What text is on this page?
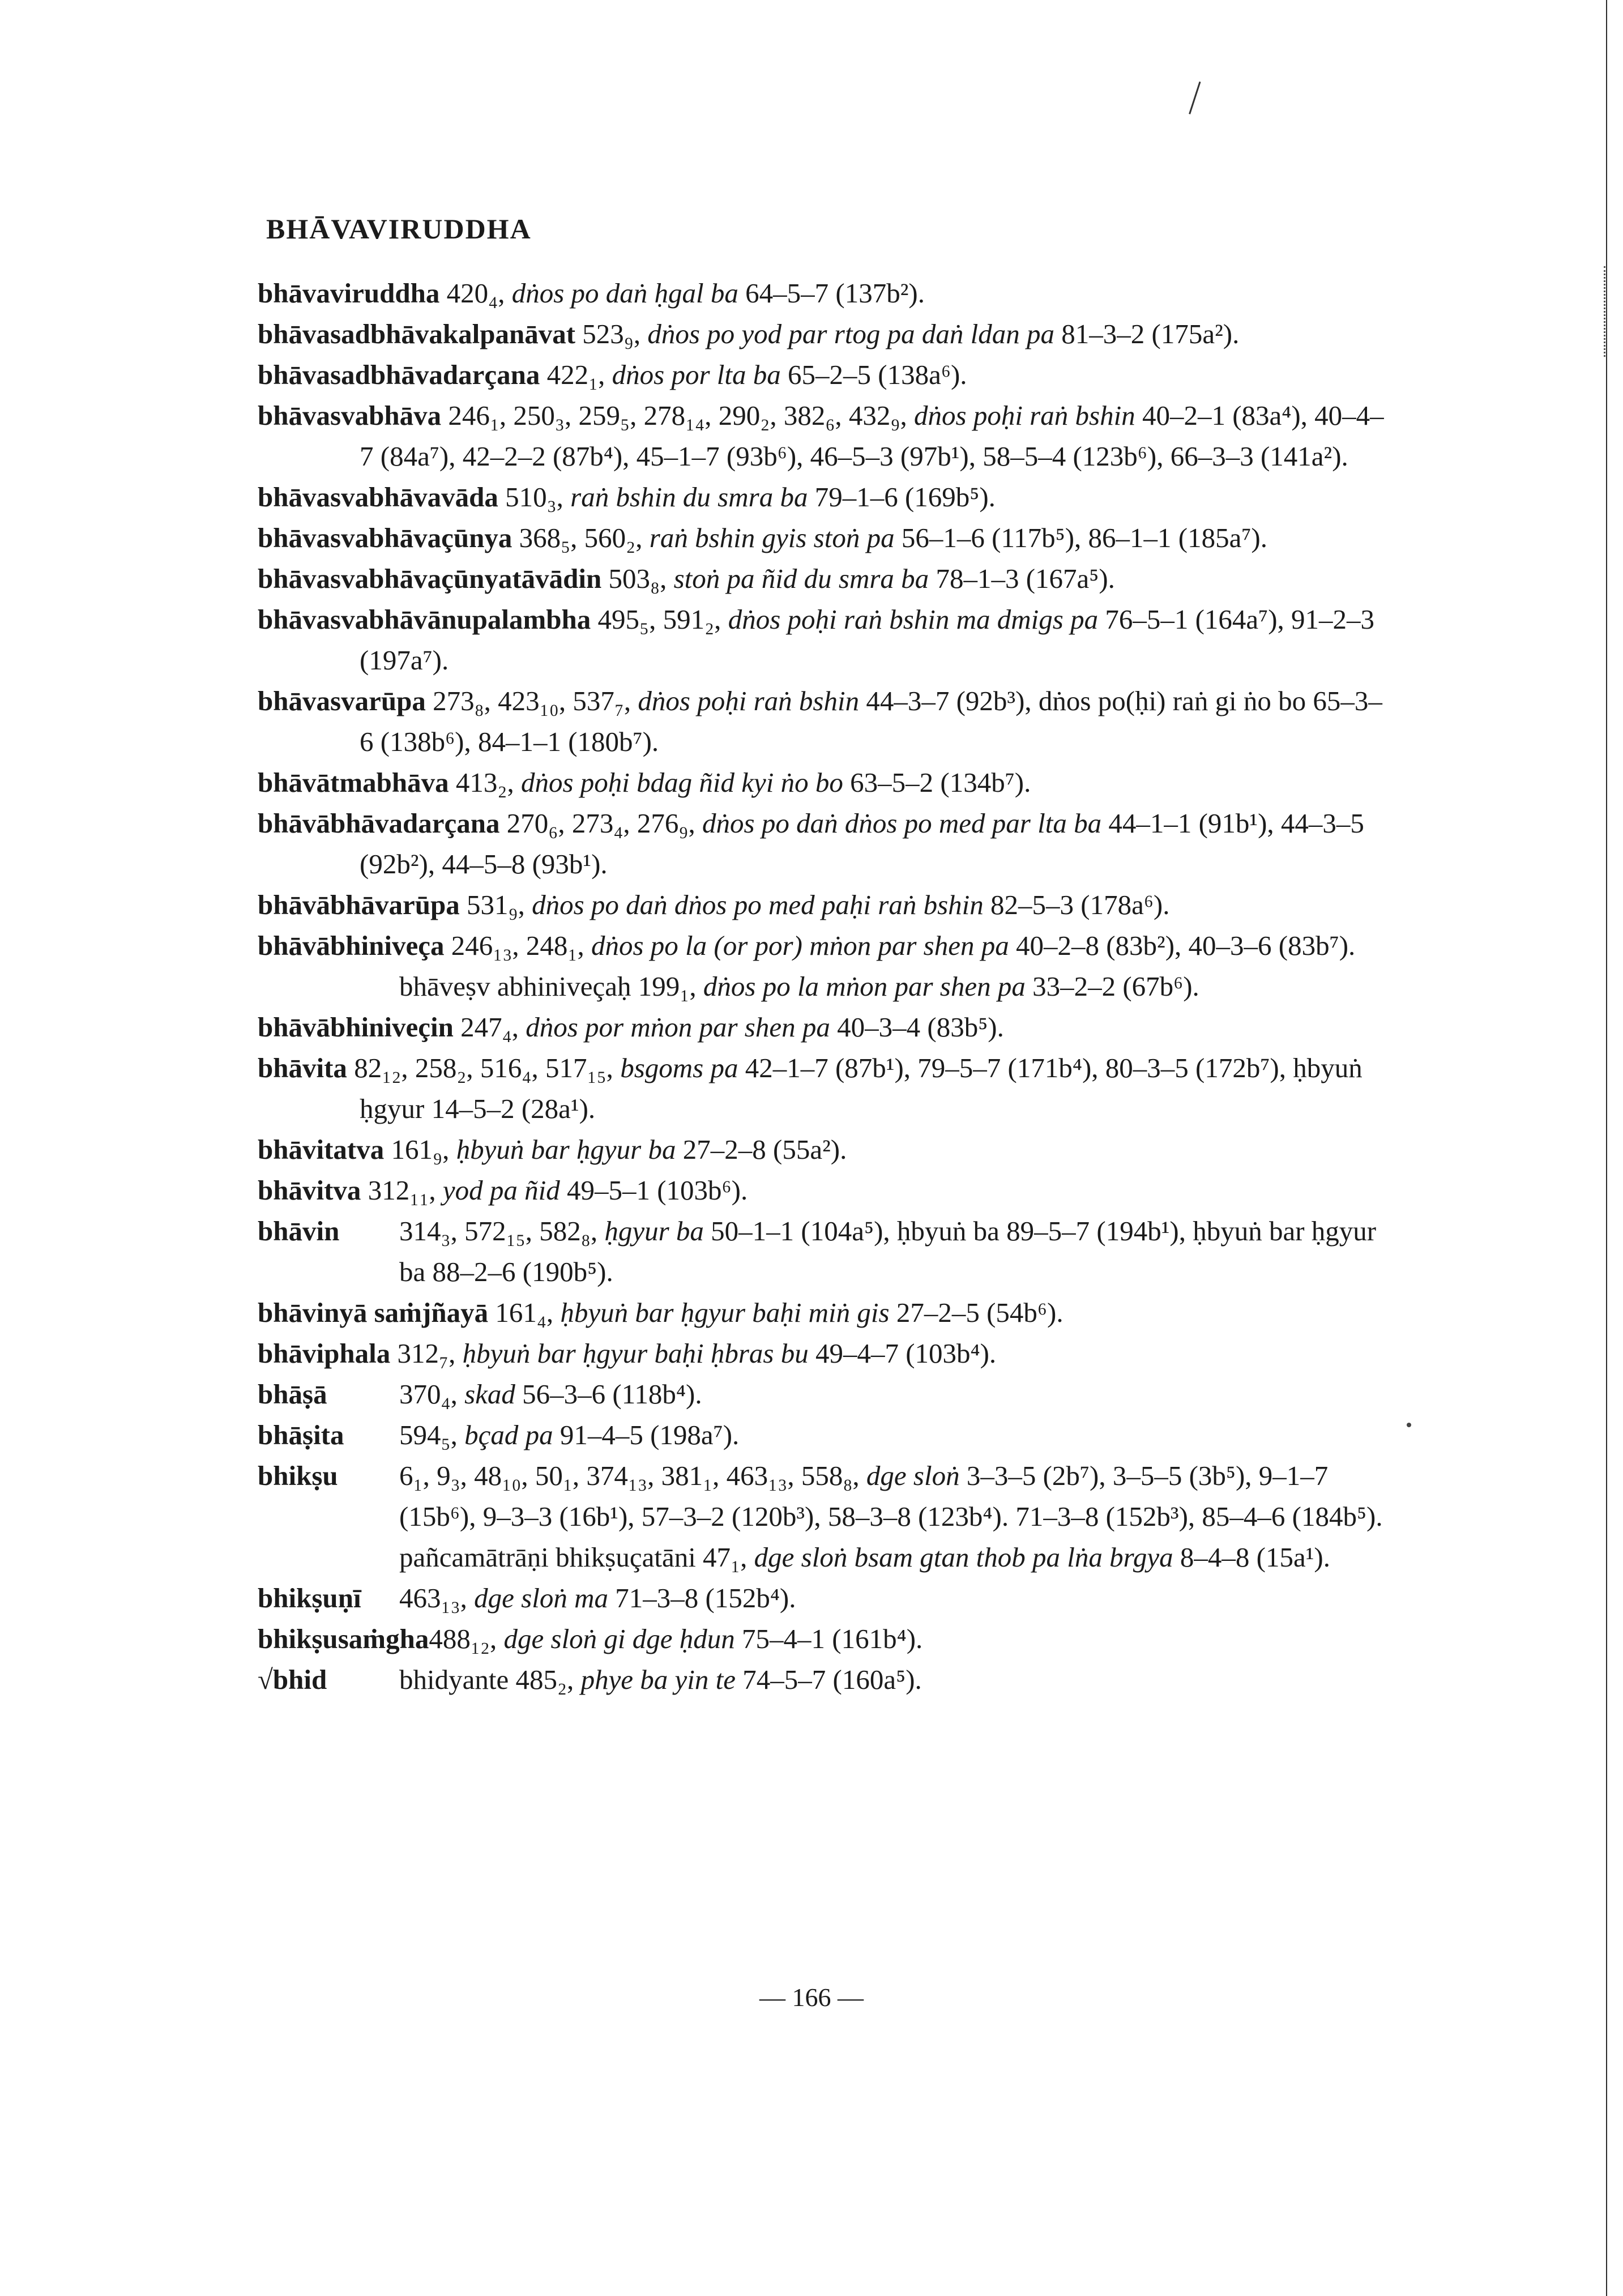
BHĀVAVIRUDDHA

bhāvaviruddha 420₄, dṅos po daṅ ḥgal ba 64–5–7 (137b²).

bhāvasadbhāvakalpanāvat 523₉, dṅos po yod par rtog pa daṅ ldan pa 81–3–2 (175a²).

bhāvasadbhāvadarçana 422₁, dṅos por lta ba 65–2–5 (138a⁶).

bhāvasvabhāva 246₁, 250₃, 259₅, 278₁₄, 290₂, 382₆, 432₉, dṅos poḥi raṅ bshin 40–2–1 (83a⁴), 40–4–7 (84a⁷), 42–2–2 (87b⁴), 45–1–7 (93b⁶), 46–5–3 (97b¹), 58–5–4 (123b⁶), 66–3–3 (141a²).

bhāvasvabhāvavāda 510₃, raṅ bshin du smra ba 79–1–6 (169b⁵).

bhāvasvabhāvaçūnya 368₅, 560₂, raṅ bshin gyis stoṅ pa 56–1–6 (117b⁵), 86–1–1 (185a⁷).

bhāvasvabhāvaçūnyatāvādin 503₈, stoṅ pa ñid du smra ba 78–1–3 (167a⁵).

bhāvasvabhāvānupalambha 495₅, 591₂, dṅos poḥi raṅ bshin ma dmigs pa 76–5–1 (164a⁷), 91–2–3 (197a⁷).

bhāvasvarūpa 273₈, 423₁₀, 537₇, dṅos poḥi raṅ bshin 44–3–7 (92b³), dṅos po(ḥi) raṅ gi ṅo bo 65–3–6 (138b⁶), 84–1–1 (180b⁷).

bhāvātmabhāva 413₂, dṅos poḥi bdag ñid kyi ṅo bo 63–5–2 (134b⁷).

bhāvābhāvadarçana 270₆, 273₄, 276₉, dṅos po daṅ dṅos po med par lta ba 44–1–1 (91b¹), 44–3–5 (92b²), 44–5–8 (93b¹).

bhāvābhāvarūpa 531₉, dṅos po daṅ dṅos po med paḥi raṅ bshin 82–5–3 (178a⁶).

bhāvābhiniveça 246₁₃, 248₁, dṅos po la (or por) mṅon par shen pa 40–2–8 (83b²), 40–3–6 (83b⁷).

bhāveṣv abhiniveçaḥ 199₁, dṅos po la mṅon par shen pa 33–2–2 (67b⁶).

bhāvābhiniveçin 247₄, dṅos por mṅon par shen pa 40–3–4 (83b⁵).

bhāvita 82₁₂, 258₂, 516₄, 517₁₅, bsgoms pa 42–1–7 (87b¹), 79–5–7 (171b⁴), 80–3–5 (172b⁷), ḥbyuṅ ḥgyur 14–5–2 (28a¹).

bhāvitatva 161₉, ḥbyuṅ bar ḥgyur ba 27–2–8 (55a²).

bhāvitva 312₁₁, yod pa ñid 49–5–1 (103b⁶).

bhāvin	314₃, 572₁₅, 582₈, ḥgyur ba 50–1–1 (104a⁵), ḥbyuṅ ba 89–5–7 (194b¹), ḥbyuṅ bar ḥgyur ba 88–2–6 (190b⁵).

bhāvinyā saṁjñayā 161₄, ḥbyuṅ bar ḥgyur baḥi miṅ gis 27–2–5 (54b⁶).

bhāviphala 312₇, ḥbyuṅ bar ḥgyur baḥi ḥbras bu 49–4–7 (103b⁴).

bhāṣā	370₄, skad 56–3–6 (118b⁴).

bhāṣita	594₅, bçad pa 91–4–5 (198a⁷).

bhikṣu	6₁, 9₃, 48₁₀, 50₁, 374₁₃, 381₁, 463₁₃, 558₈, dge sloṅ 3–3–5 (2b⁷), 3–5–5 (3b⁵), 9–1–7 (15b⁶), 9–3–3 (16b¹), 57–3–2 (120b³), 58–3–8 (123b⁴). 71–3–8 (152b³), 85–4–6 (184b⁵).

pañcamātrāṇi bhikṣuçatāni 47₁, dge sloṅ bsam gtan thob pa lṅa brgya 8–4–8 (15a¹).

bhikṣuṇī	463₁₃, dge sloṅ ma 71–3–8 (152b⁴).

bhikṣusaṁgha 488₁₂, dge sloṅ gi dge ḥdun 75–4–1 (161b⁴).

√bhid	bhidyante 485₂, phye ba yin te 74–5–7 (160a⁵).

— 166 —
